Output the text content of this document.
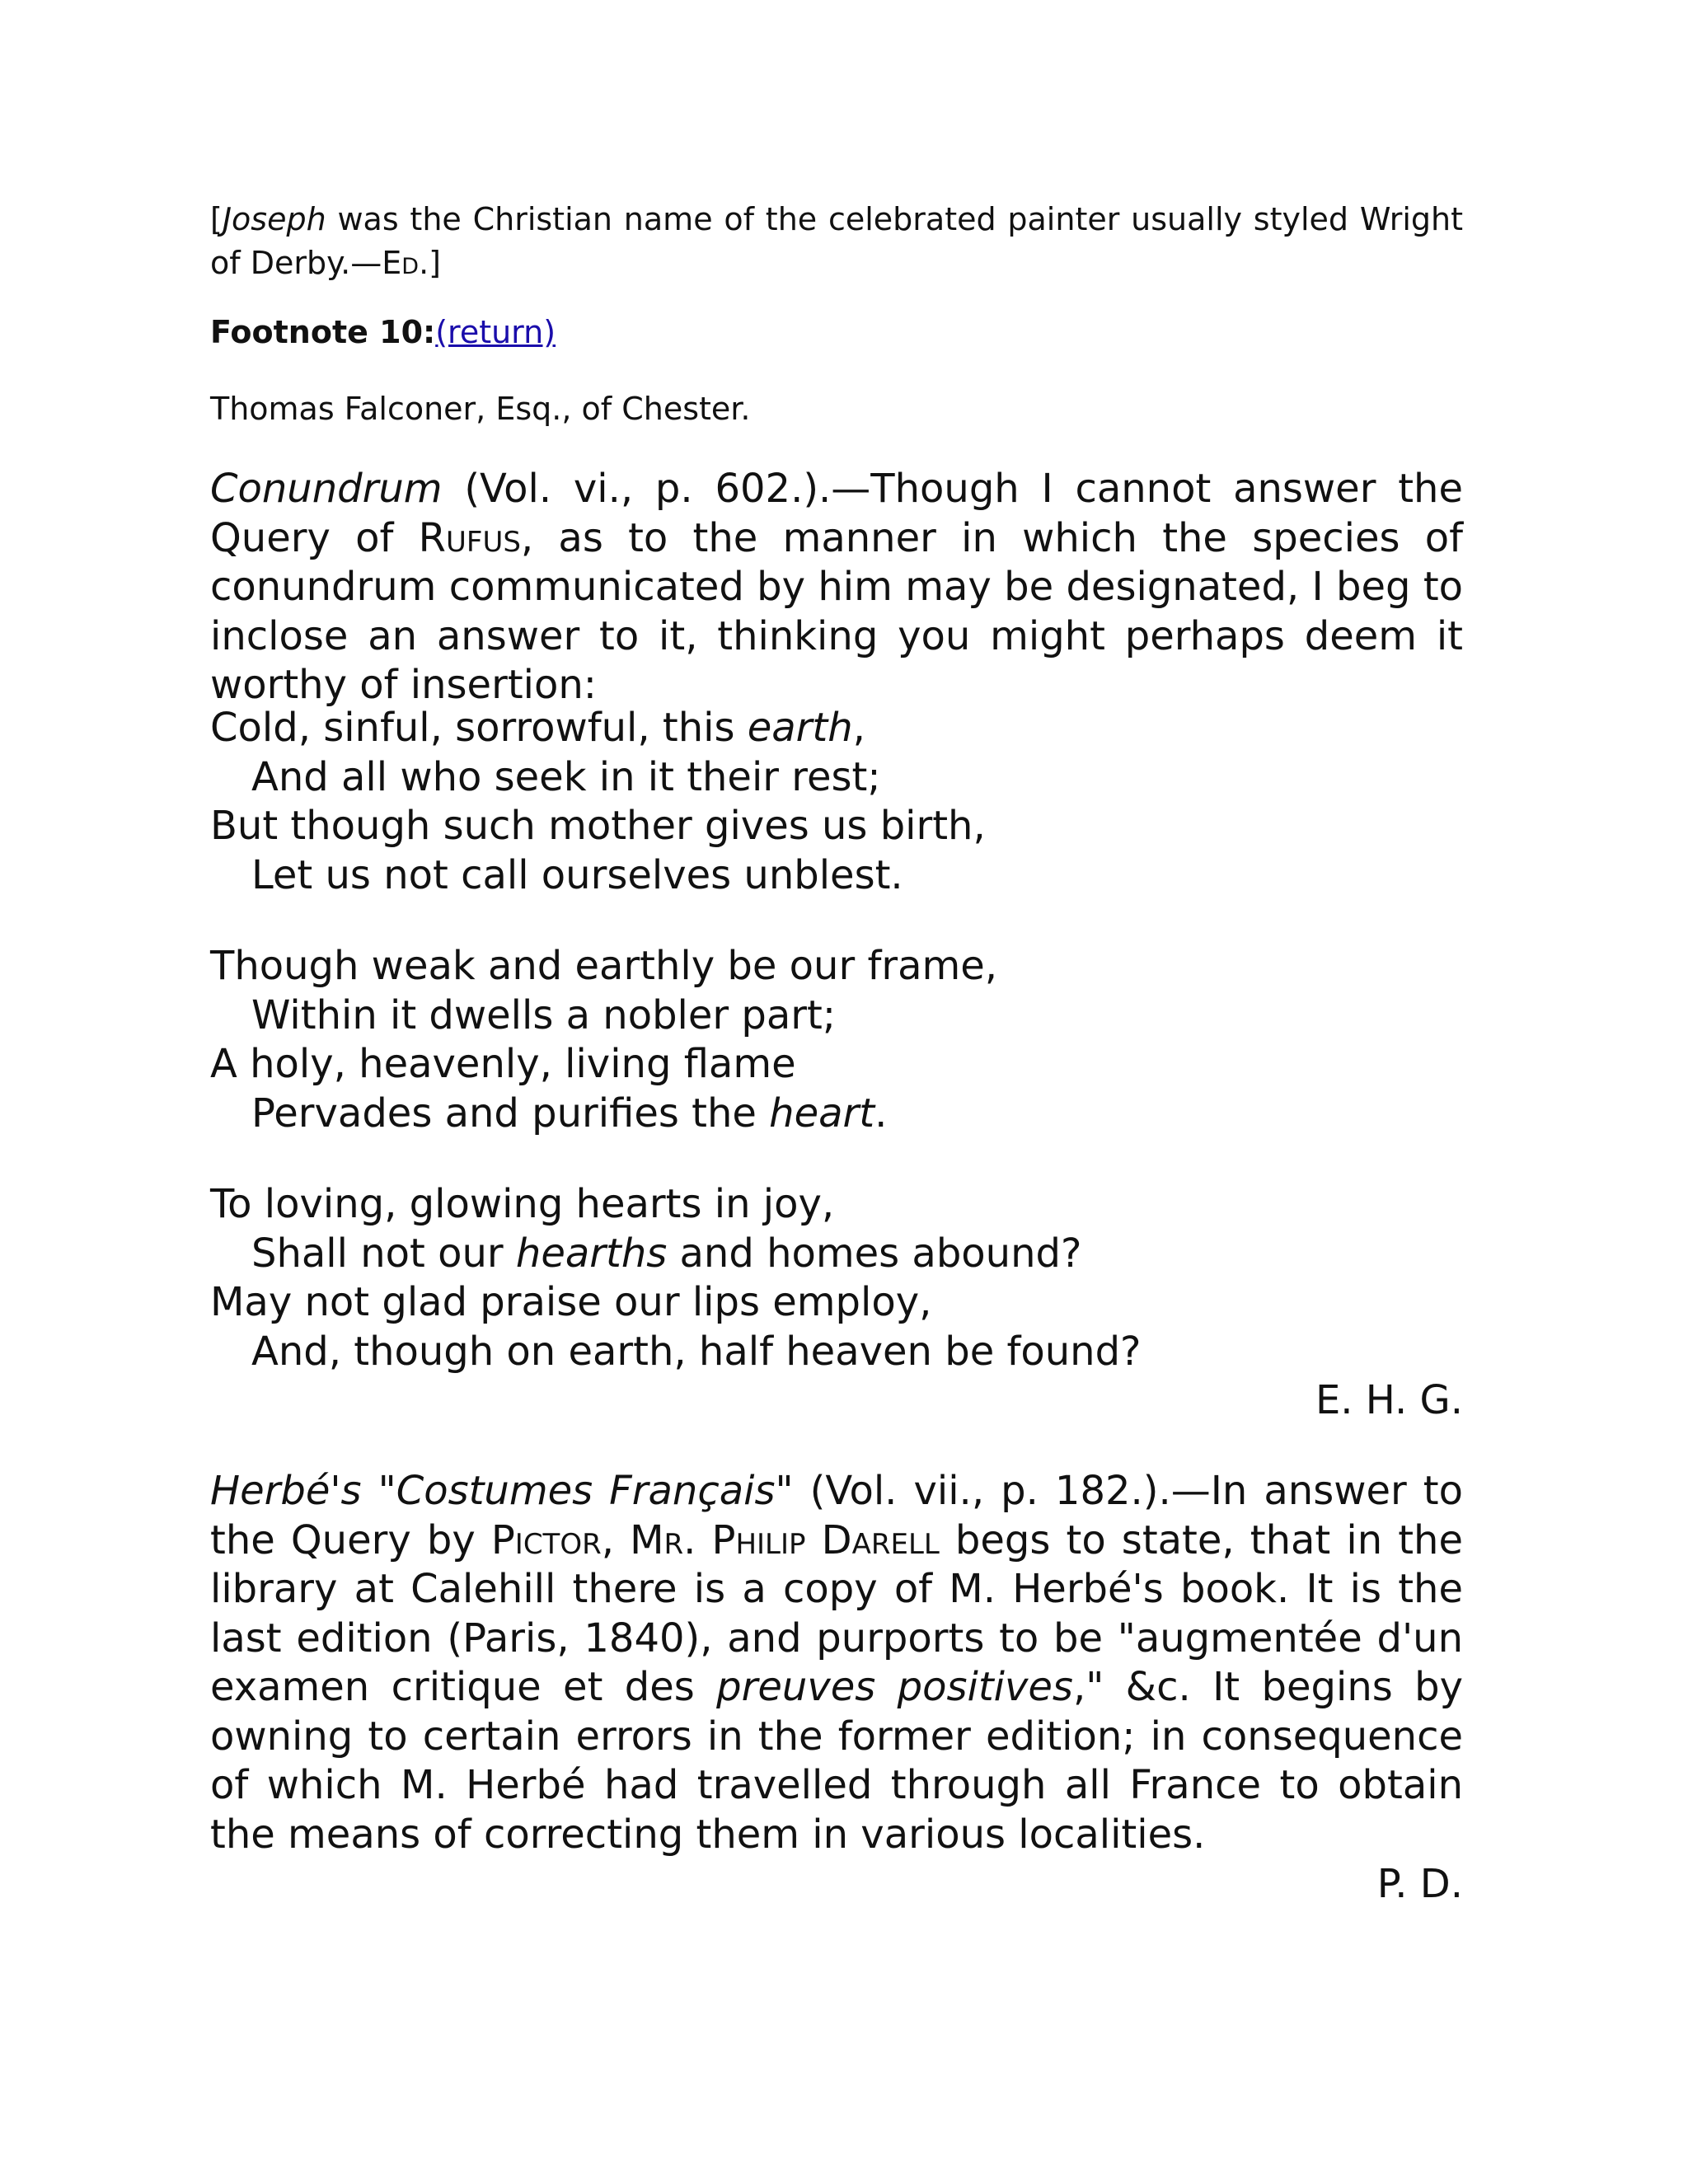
[Joseph was the Christian name of the celebrated painter usually styled Wright of Derby.—Ed.]

Footnote 10:(return)

Thomas Falconer, Esq., of Chester.

Conundrum (Vol. vi., p. 602.).—Though I cannot answer the Query of Rufus, as to the manner in which the species of conundrum communicated by him may be designated, I beg to inclose an answer to it, thinking you might perhaps deem it worthy of insertion:

Cold, sinful, sorrowful, this earth,
And all who seek in it their rest;
But though such mother gives us birth,
Let us not call ourselves unblest.
Though weak and earthly be our frame,
Within it dwells a nobler part;
A holy, heavenly, living flame
Pervades and purifies the heart.
To loving, glowing hearts in joy,
Shall not our hearths and homes abound?
May not glad praise our lips employ,
And, though on earth, half heaven be found?

E. H. G.

Herbé's "Costumes Français" (Vol. vii., p. 182.).—In answer to the Query by Pictor, Mr. Philip Darell begs to state, that in the library at Calehill there is a copy of M. Herbé's book. It is the last edition (Paris, 1840), and purports to be "augmentée d'un examen critique et des preuves positives," &c. It begins by owning to certain errors in the former edition; in consequence of which M. Herbé had travelled through all France to obtain the means of correcting them in various localities.

P. D.
